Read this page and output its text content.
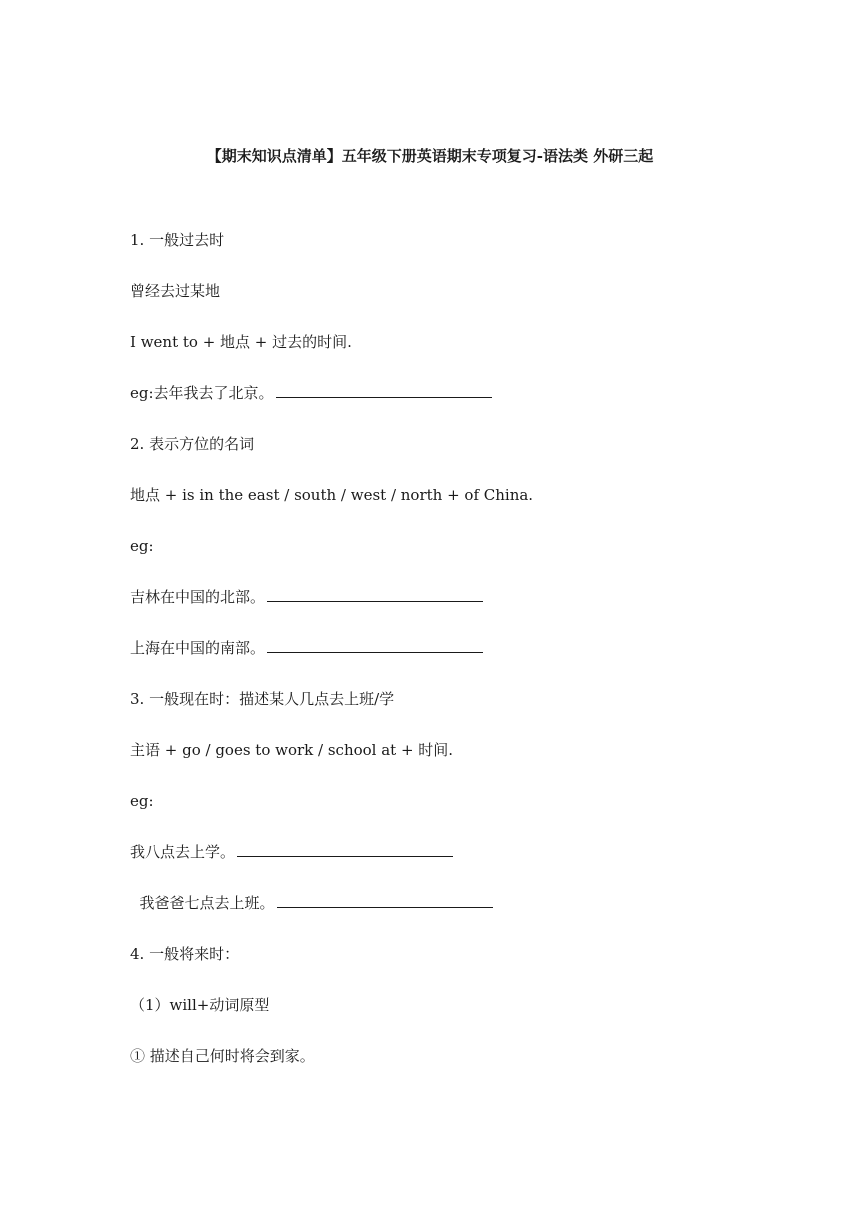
【期末知识点清单】五年级下册英语期末专项复习-语法类 外研三起
1. 一般过去时
曾经去过某地
I went to + 地点 + 过去的时间.
eg:去年我去了北京。
2. 表示方位的名词
地点 + is in the east / south / west / north + of China.
eg:
吉林在中国的北部。
上海在中国的南部。
3. 一般现在时：描述某人几点去上班/学
主语 + go / goes to work / school at + 时间.
eg:
我八点去上学。
我爸爸七点去上班。
4. 一般将来时：
（1）will+动词原型
① 描述自己何时将会到家。
